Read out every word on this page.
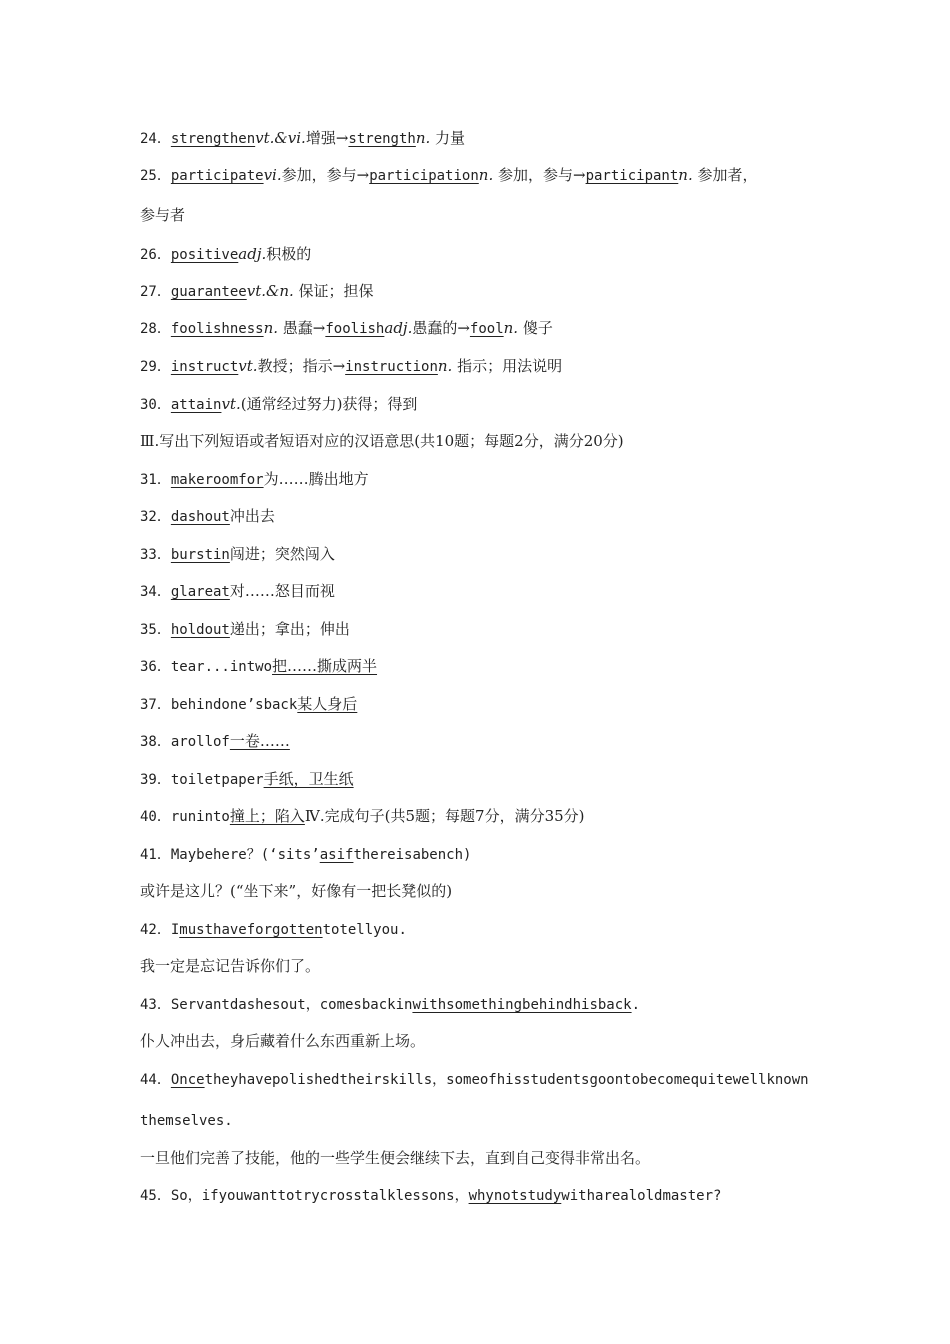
24．strengthenvt.&vi.增强→strengthn. 力量
25．participatevi.参加，参与→participationn. 参加，参与→participantn. 参加者，
参与者
26．positiveadj.积极的
27．guaranteevt.&n. 保证；担保
28．foolishnessn. 愚蠢→foolishadj.愚蠢的→fooln. 傻子
29．instructvt.教授；指示→instructionn. 指示；用法说明
30．attainvt.(通常经过努力)获得；得到
Ⅲ.写出下列短语或者短语对应的汉语意思(共10题；每题2分，满分20分)
31．makeroomfor为……腾出地方
32．dashout冲出去
33．burstin闯进；突然闯入
34．glareat对……怒目而视
35．holdout递出；拿出；伸出
36．tear...intwo把……撕成两半
37．behindone’sback某人身后
38．arollof一卷……
39．toiletpaper手纸，卫生纸
40．runinto撞上；陷入Ⅳ.完成句子(共5题；每题7分，满分35分)
41．Maybehere？(‘sits’asifthereisabench)
或许是这儿？(“坐下来”，好像有一把长凳似的)
42．Imusthaveforgottentotellyou.
我一定是忘记告诉你们了。
43．Servantdashesout，comesbackinwithsomethingbehindhisback.
仆人冲出去，身后藏着什么东西重新上场。
44．Oncetheyhavepolishedtheirskills，someofhisstudentsgoontobecomequitewellknown
themselves.
一旦他们完善了技能，他的一些学生便会继续下去，直到自己变得非常出名。
45．So，ifyouwanttotrycrosstalklessons，whynotstudywitharealoldmaster?
